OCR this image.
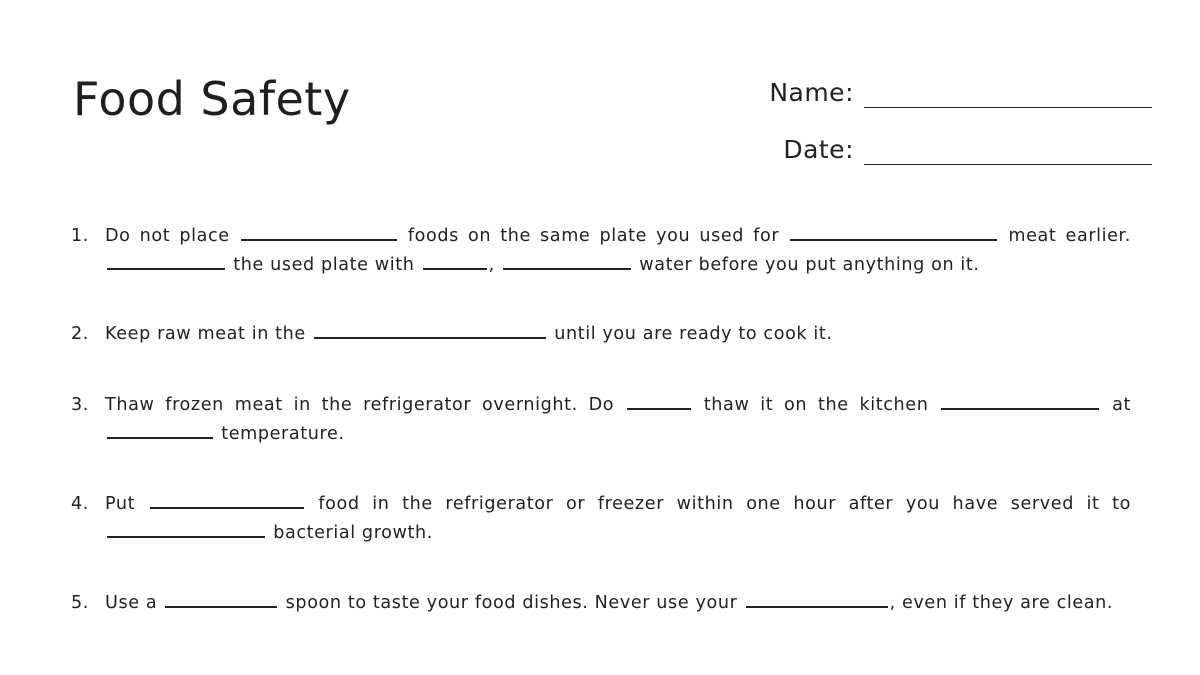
Food Safety	Name:
Date:
1. Do not place	foods on the same plate you used for	meat earlier.  the used plate with	,	water before you put anything on it.
2. Keep raw meat in the	until you are ready to cook it.
3. Thaw frozen meat in the refrigerator overnight. Do	thaw it on the kitchen	at  temperature.
4. Put	food in the refrigerator or freezer within one hour after you have served it to  bacterial growth.
5. Use a	spoon to taste your food dishes. Never use your	, even if they are clean.
